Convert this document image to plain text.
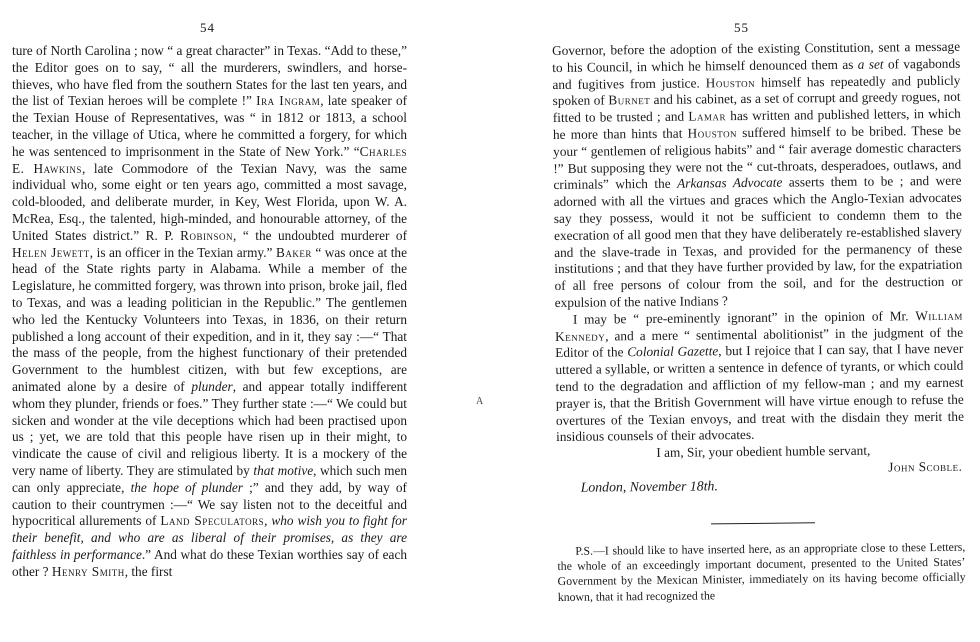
54

ture of North Carolina ; now “ a great character” in Texas. “Add to these,” the Editor goes on to say, “ all the murderers, swindlers, and horse-thieves, who have fled from the southern States for the last ten years, and the list of Texian heroes will be complete !” Ira Ingram, late speaker of the Texian House of Representatives, was “ in 1812 or 1813, a school teacher, in the village of Utica, where he committed a forgery, for which he was sentenced to imprisonment in the State of New York.” “Charles E. Hawkins, late Commodore of the Texian Navy, was the same individual who, some eight or ten years ago, committed a most savage, cold-blooded, and deliberate murder, in Key, West Florida, upon W. A. McRea, Esq., the talented, high-minded, and honourable attorney, of the United States district.” R. P. Robinson, “ the undoubted murderer of Helen Jewett, is an officer in the Texian army.” Baker “ was once at the head of the State rights party in Alabama. While a member of the Legislature, he committed forgery, was thrown into prison, broke jail, fled to Texas, and was a leading politician in the Republic.” The gentlemen who led the Kentucky Volunteers into Texas, in 1836, on their return published a long account of their expedition, and in it, they say :—“ That the mass of the people, from the highest functionary of their pretended Government to the humblest citizen, with but few exceptions, are animated alone by a desire of plunder, and appear totally indifferent whom they plunder, friends or foes.” They further state :—“ We could but sicken and wonder at the vile deceptions which had been practised upon us ; yet, we are told that this people have risen up in their might, to vindicate the cause of civil and religious liberty. It is a mockery of the very name of liberty. They are stimulated by that motive, which such men can only appreciate, the hope of plunder ;” and they add, by way of caution to their countrymen :—“ We say listen not to the deceitful and hypocritical allurements of Land Speculators, who wish you to fight for their benefit, and who are as liberal of their promises, as they are faithless in performance.” And what do these Texian worthies say of each other ? Henry Smith, the first

A
55

Governor, before the adoption of the existing Constitution, sent a message to his Council, in which he himself denounced them as a set of vagabonds and fugitives from justice. Houston himself has repeatedly and publicly spoken of Burnet and his cabinet, as a set of corrupt and greedy rogues, not fitted to be trusted ; and Lamar has written and published letters, in which he more than hints that Houston suffered himself to be bribed. These be your “ gentlemen of religious habits” and “ fair average domestic characters !” But supposing they were not the “ cut-throats, desperadoes, outlaws, and criminals” which the Arkansas Advocate asserts them to be ; and were adorned with all the virtues and graces which the Anglo-Texian advocates say they possess, would it not be sufficient to condemn them to the execration of all good men that they have deliberately re-established slavery and the slave-trade in Texas, and provided for the permanency of these institutions ; and that they have further provided by law, for the expatriation of all free persons of colour from the soil, and for the destruction or expulsion of the native Indians ?

I may be “ pre-eminently ignorant” in the opinion of Mr. William Kennedy, and a mere “ sentimental abolitionist” in the judgment of the Editor of the Colonial Gazette, but I rejoice that I can say, that I have never uttered a syllable, or written a sentence in defence of tyrants, or which could tend to the degradation and affliction of my fellow-man ; and my earnest prayer is, that the British Government will have virtue enough to refuse the overtures of the Texian envoys, and treat with the disdain they merit the insidious counsels of their advocates.

I am, Sir, your obedient humble servant,

John Scoble.

London, November 18th.

P.S.—I should like to have inserted here, as an appropriate close to these Letters, the whole of an exceedingly important document, presented to the United States’ Government by the Mexican Minister, immediately on its having become officially known, that it had recognized the
